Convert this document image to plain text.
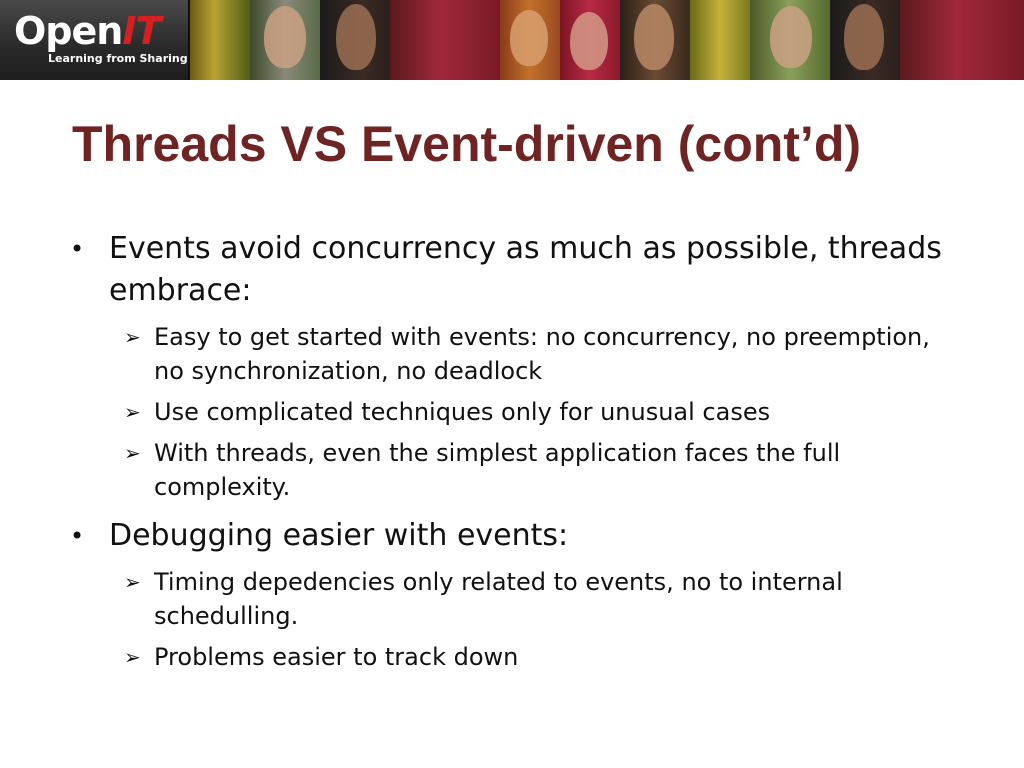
OpenIT
Learning from Sharing
Threads VS Event-driven (cont’d)
• Events avoid concurrency as much as possible, threads embrace:
➢ Easy to get started with events: no concurrency, no preemption, no synchronization, no deadlock
➢ Use complicated techniques only for unusual cases
➢ With threads, even the simplest application faces the full complexity.
• Debugging easier with events:
➢ Timing depedencies only related to events, no to internal schedulling.
➢ Problems easier to track down
